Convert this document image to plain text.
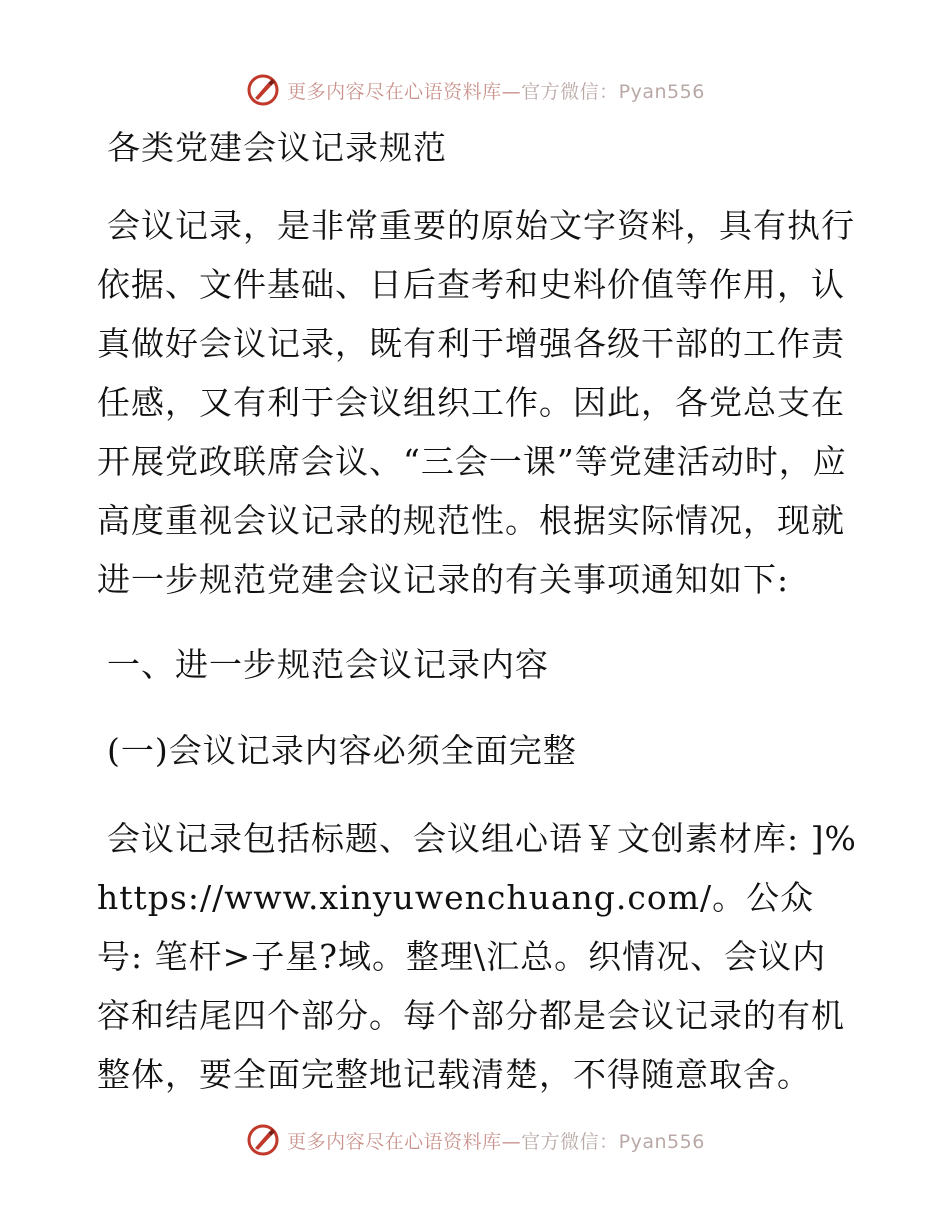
更多内容尽在心语资料库—官方微信：Pyan556
各类党建会议记录规范

会议记录，是非常重要的原始文字资料，具有执行依据、文件基础、日后查考和史料价值等作用，认真做好会议记录，既有利于增强各级干部的工作责任感，又有利于会议组织工作。因此，各党总支在开展党政联席会议、“三会一课”等党建活动时，应高度重视会议记录的规范性。根据实际情况，现就进一步规范党建会议记录的有关事项通知如下:

一、进一步规范会议记录内容
(一)会议记录内容必须全面完整

会议记录包括标题、会议组心语￥文创素材库: ]%https://www.xinyuwenchuang.com/。公众号: 笔杆>子星?域。整理\汇总。织情况、会议内容和结尾四个部分。每个部分都是会议记录的有机整体，要全面完整地记载清楚，不得随意取舍。

更多内容尽在心语资料库—官方微信：Pyan556
